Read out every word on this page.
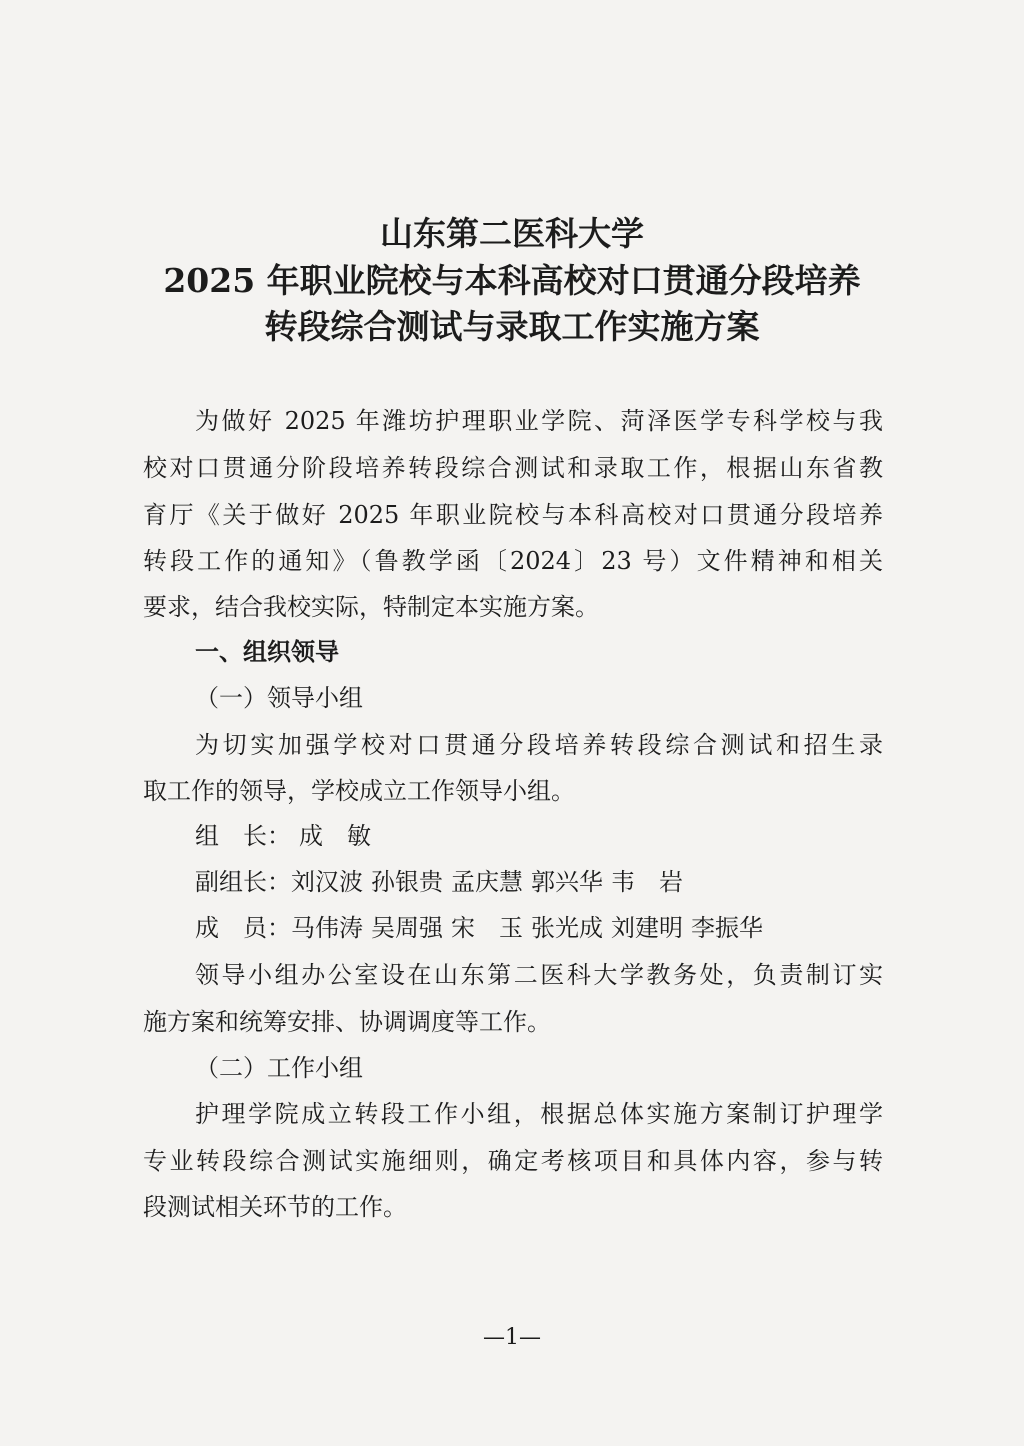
山东第二医科大学
2025 年职业院校与本科高校对口贯通分段培养
转段综合测试与录取工作实施方案
为做好 2025 年潍坊护理职业学院、菏泽医学专科学校与我
校对口贯通分阶段培养转段综合测试和录取工作，根据山东省教
育厅《关于做好 2025 年职业院校与本科高校对口贯通分段培养
转段工作的通知》（鲁教学函〔2024〕23 号）文件精神和相关
要求，结合我校实际，特制定本实施方案。
一、组织领导
（一）领导小组
为切实加强学校对口贯通分段培养转段综合测试和招生录
取工作的领导，学校成立工作领导小组。
组　长： 成　敏
副组长：刘汉波 孙银贵 孟庆慧 郭兴华 韦　岩
成　员：马伟涛 吴周强 宋　玉 张光成 刘建明 李振华
领导小组办公室设在山东第二医科大学教务处，负责制订实
施方案和统筹安排、协调调度等工作。
（二）工作小组
护理学院成立转段工作小组，根据总体实施方案制订护理学
专业转段综合测试实施细则，确定考核项目和具体内容，参与转
段测试相关环节的工作。
—1—
